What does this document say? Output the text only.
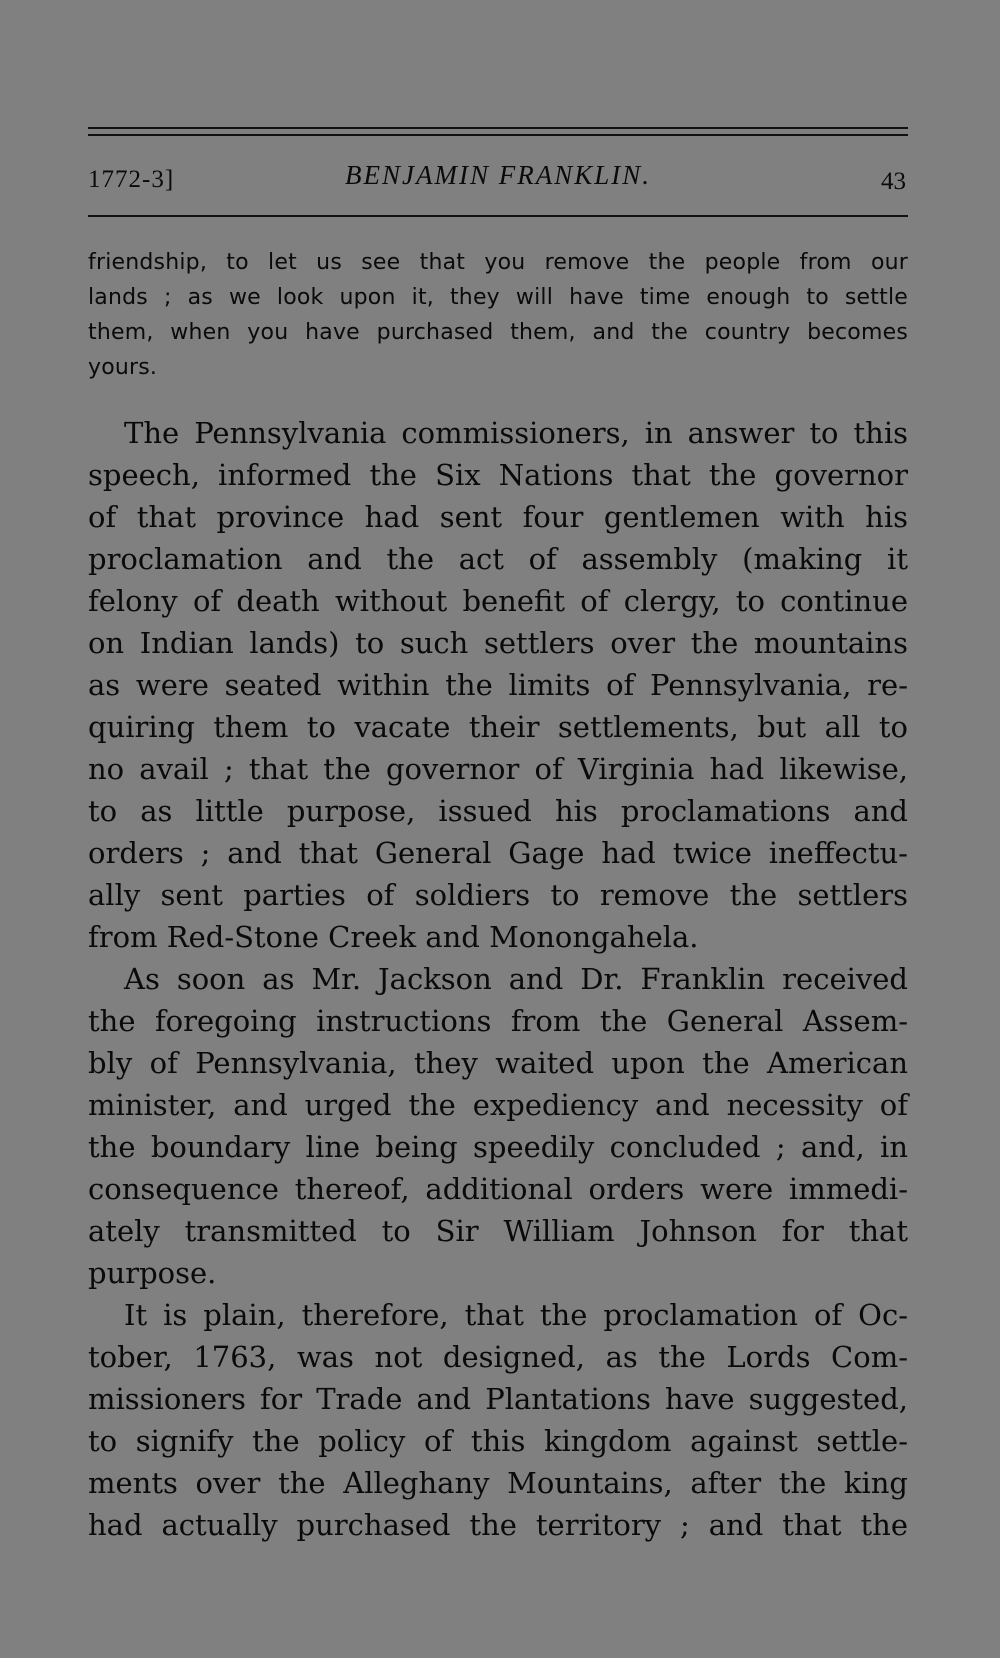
1772-3]	BENJAMIN FRANKLIN.	43
friendship, to let us see that you remove the people from our
lands ; as we look upon it, they will have time enough to settle
them, when you have purchased them, and the country becomes
yours.
The Pennsylvania commissioners, in answer to this
speech, informed the Six Nations that the governor
of that province had sent four gentlemen with his
proclamation and the act of assembly (making it
felony of death without benefit of clergy, to continue
on Indian lands) to such settlers over the mountains
as were seated within the limits of Pennsylvania, re-
quiring them to vacate their settlements, but all to
no avail ; that the governor of Virginia had likewise,
to as little purpose, issued his proclamations and
orders ; and that General Gage had twice ineffectu-
ally sent parties of soldiers to remove the settlers
from Red-Stone Creek and Monongahela.
As soon as Mr. Jackson and Dr. Franklin received
the foregoing instructions from the General Assem-
bly of Pennsylvania, they waited upon the American
minister, and urged the expediency and necessity of
the boundary line being speedily concluded ; and, in
consequence thereof, additional orders were immedi-
ately transmitted to Sir William Johnson for that
purpose.
It is plain, therefore, that the proclamation of Oc-
tober, 1763, was not designed, as the Lords Com-
missioners for Trade and Plantations have suggested,
to signify the policy of this kingdom against settle-
ments over the Alleghany Mountains, after the king
had actually purchased the territory ; and that the
